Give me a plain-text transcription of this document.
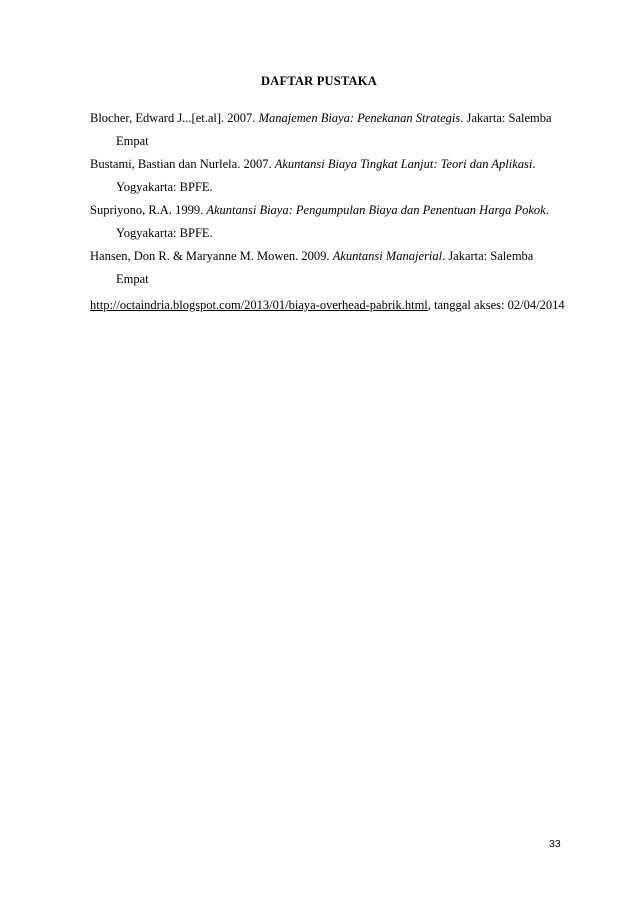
DAFTAR PUSTAKA

Blocher, Edward J...[et.al]. 2007. Manajemen Biaya: Penekanan Strategis. Jakarta: Salemba Empat

Bustami, Bastian dan Nurlela. 2007. Akuntansi Biaya Tingkat Lanjut: Teori dan Aplikasi. Yogyakarta: BPFE.

Supriyono, R.A. 1999. Akuntansi Biaya: Pengumpulan Biaya dan Penentuan Harga Pokok. Yogyakarta: BPFE.

Hansen, Don R. & Maryanne M. Mowen. 2009. Akuntansi Manajerial. Jakarta: Salemba Empat

http://octaindria.blogspot.com/2013/01/biaya-overhead-pabrik.html, tanggal akses: 02/04/2014

33
